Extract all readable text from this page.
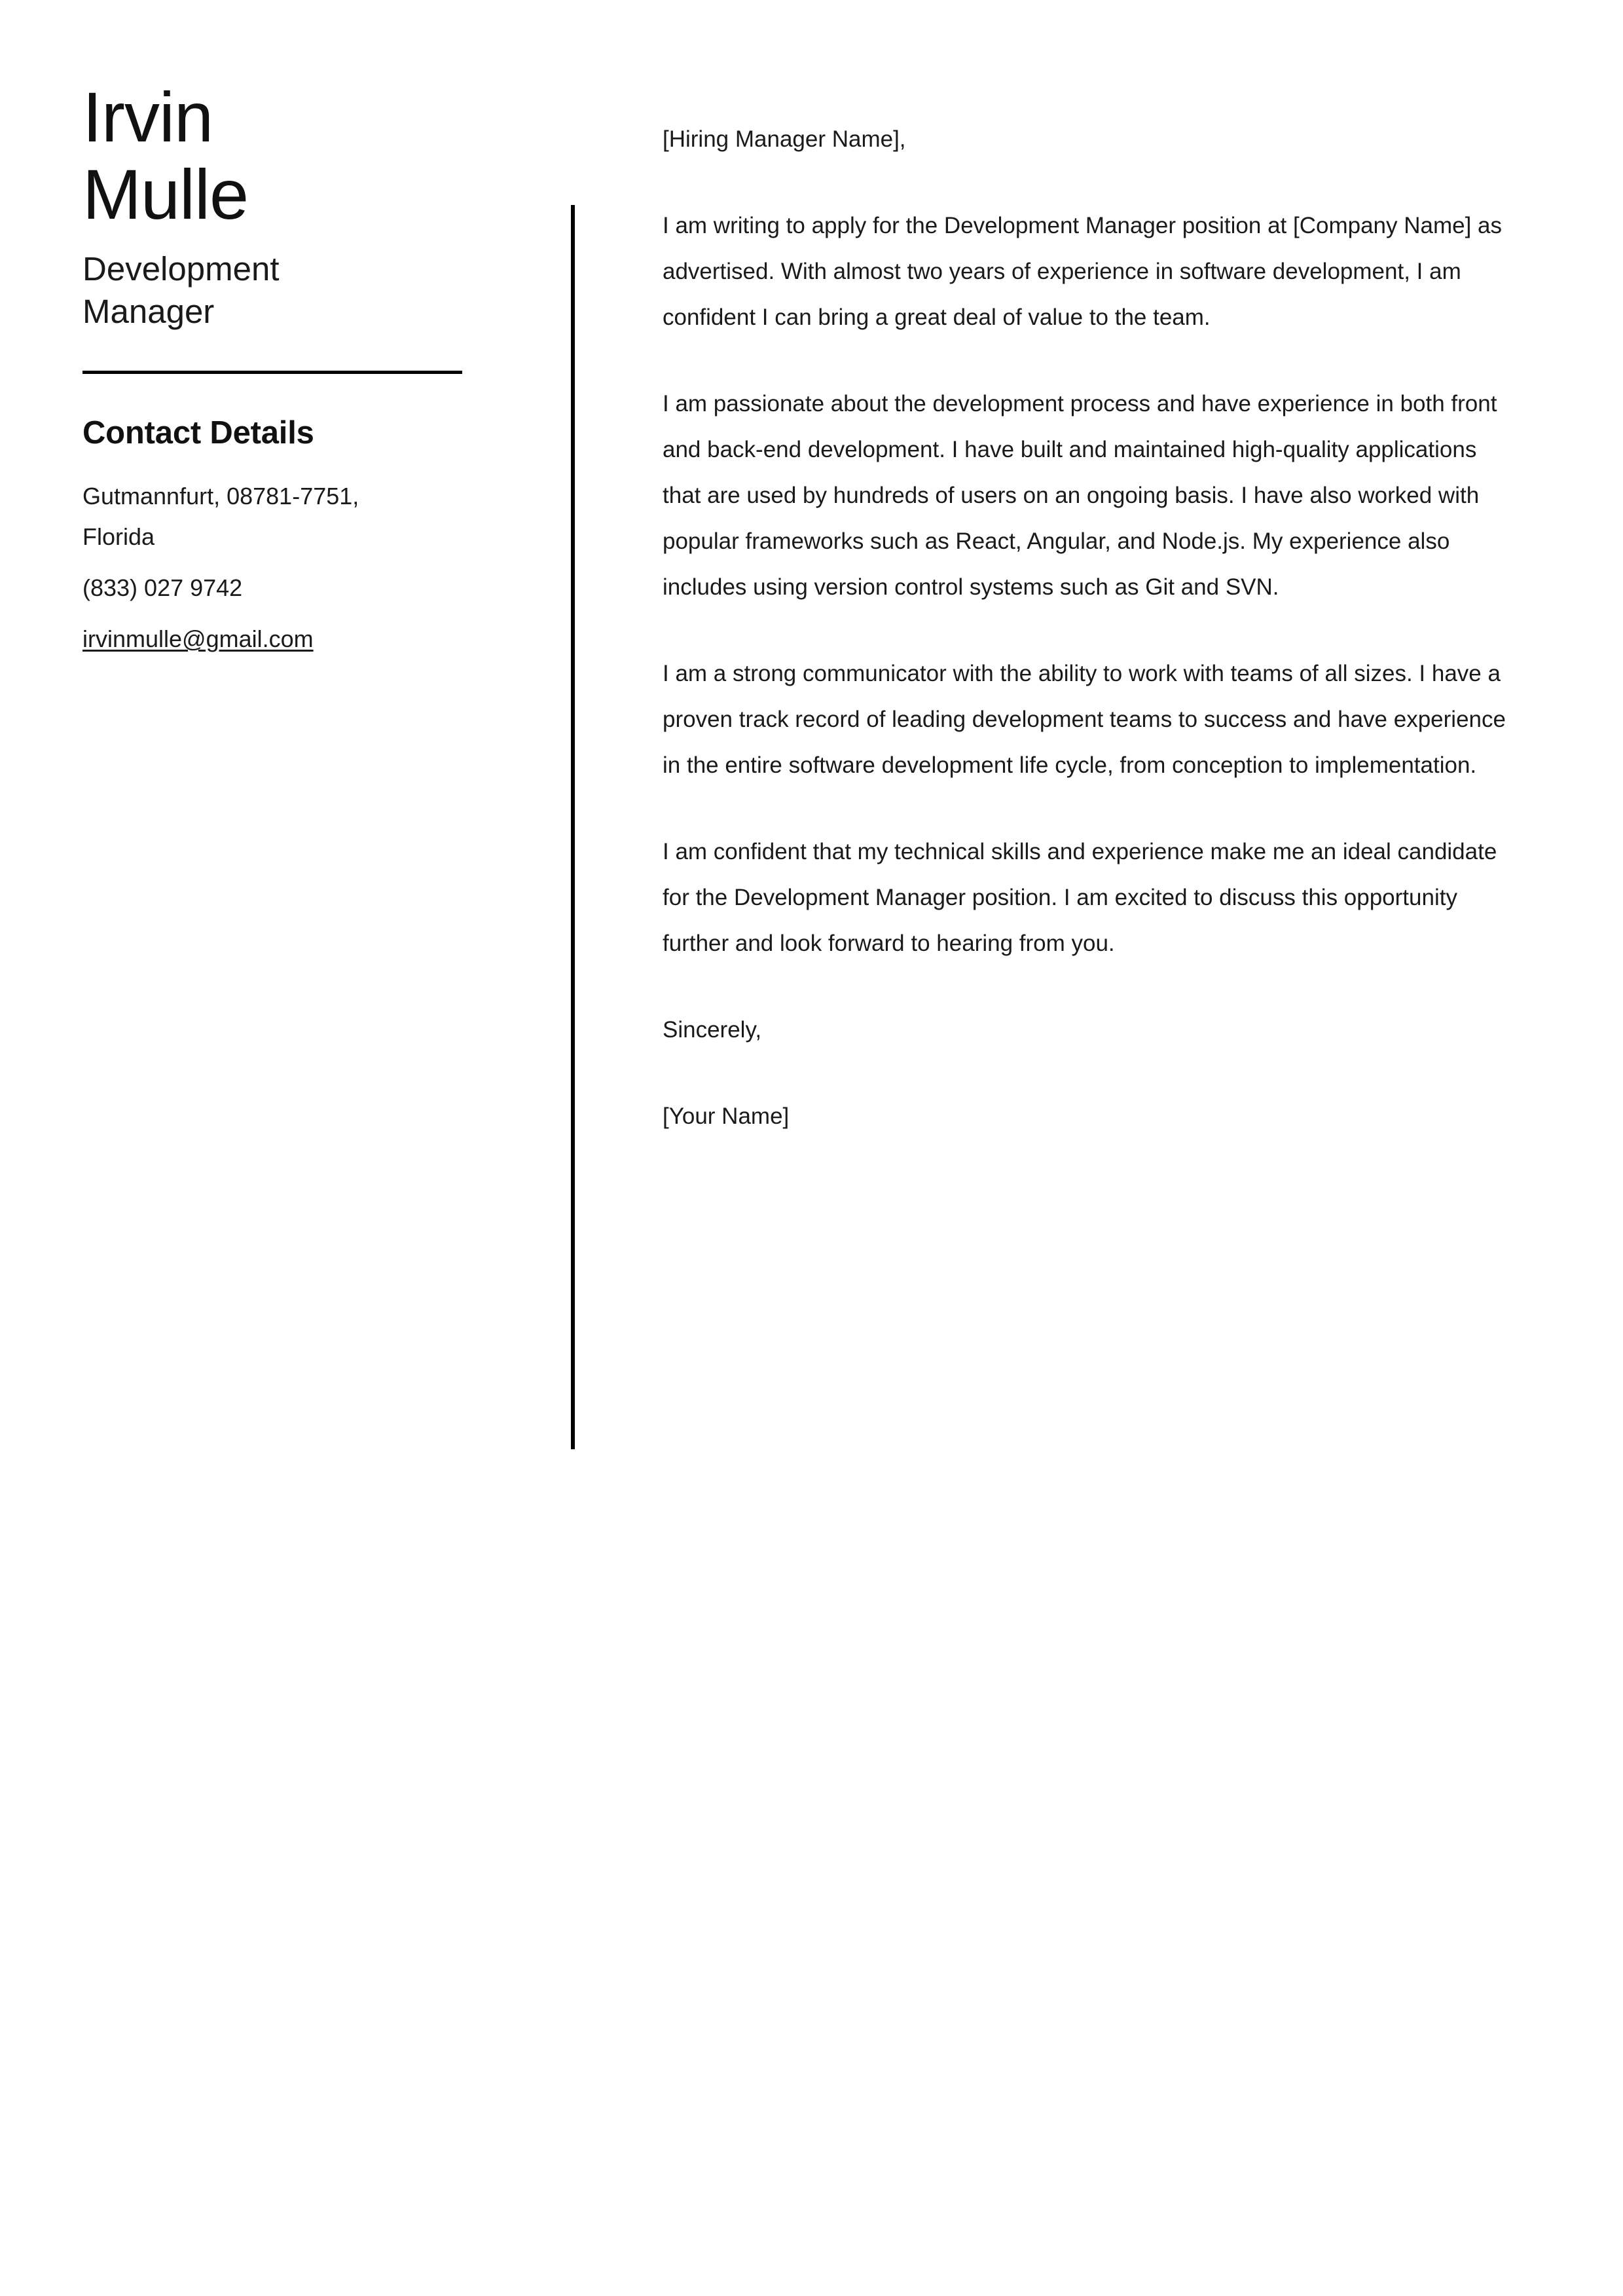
Irvin
Mulle
Development Manager
Contact Details
Gutmannfurt, 08781-7751, Florida
(833) 027 9742
irvinmulle@gmail.com

[Hiring Manager Name],

I am writing to apply for the Development Manager position at [Company Name] as advertised. With almost two years of experience in software development, I am confident I can bring a great deal of value to the team.

I am passionate about the development process and have experience in both front and back-end development. I have built and maintained high-quality applications that are used by hundreds of users on an ongoing basis. I have also worked with popular frameworks such as React, Angular, and Node.js. My experience also includes using version control systems such as Git and SVN.

I am a strong communicator with the ability to work with teams of all sizes. I have a proven track record of leading development teams to success and have experience in the entire software development life cycle, from conception to implementation.

I am confident that my technical skills and experience make me an ideal candidate for the Development Manager position. I am excited to discuss this opportunity further and look forward to hearing from you.

Sincerely,

[Your Name]
